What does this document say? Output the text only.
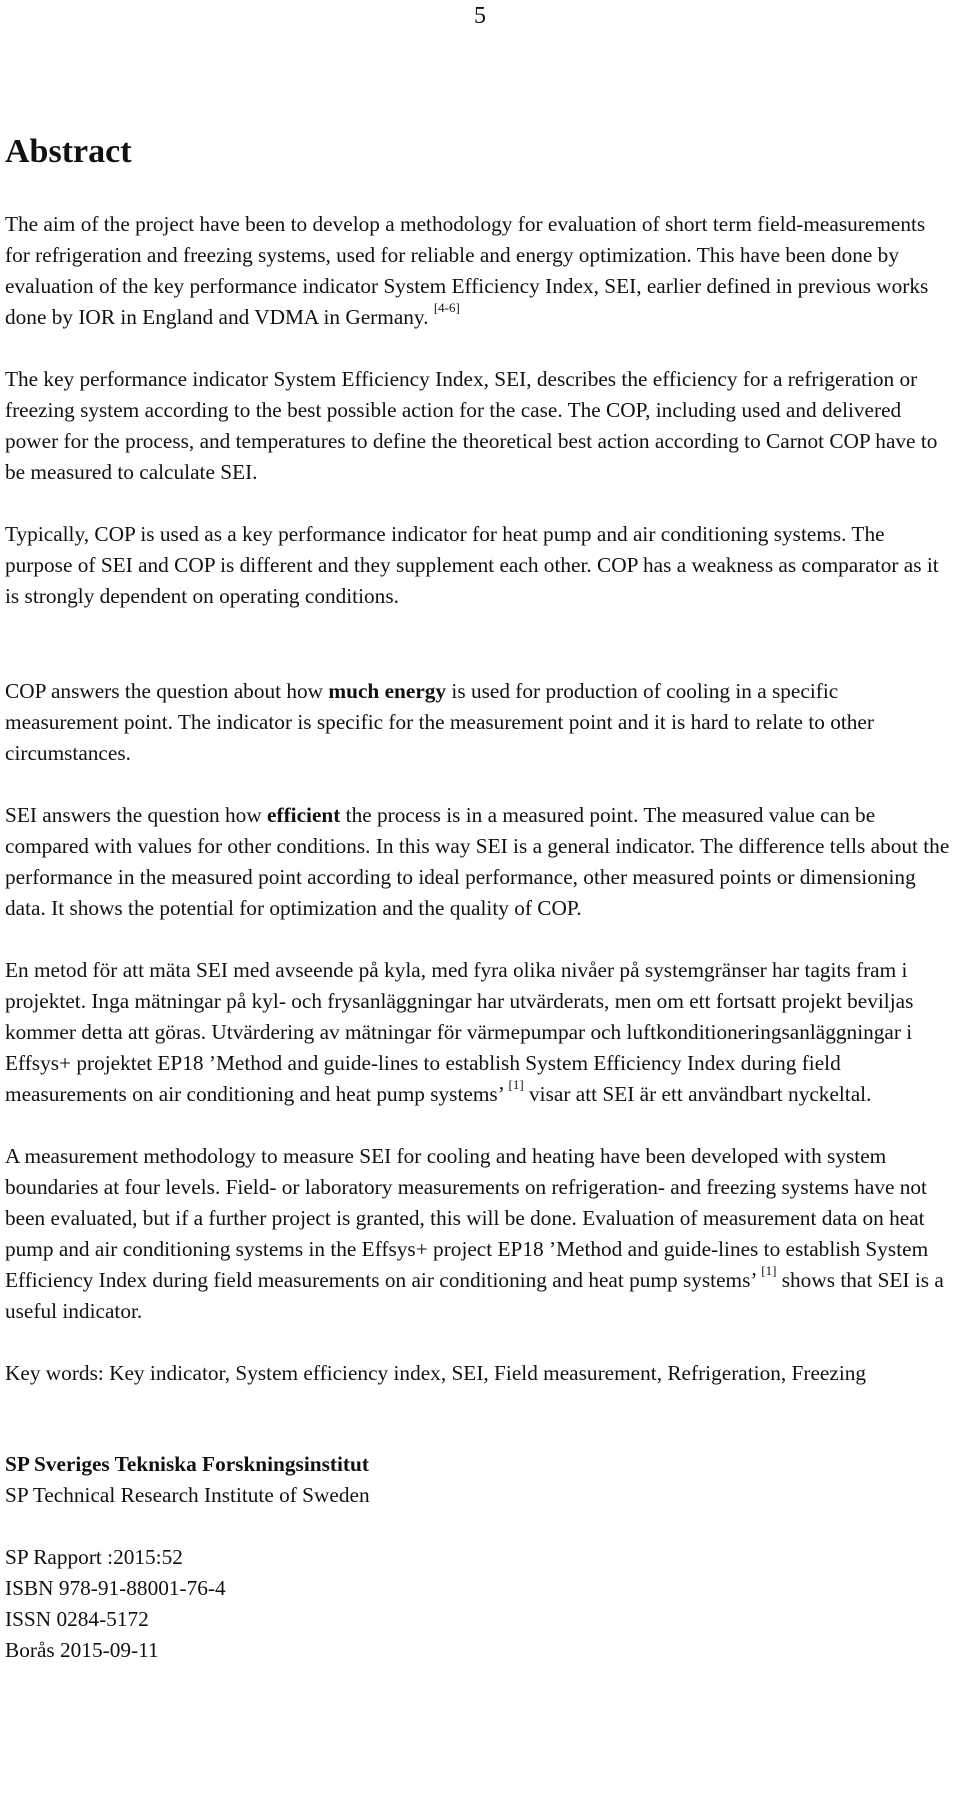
5
Abstract

The aim of the project have been to develop a methodology for evaluation of short term field-measurements for refrigeration and freezing systems, used for reliable and energy optimization. This have been done by evaluation of the key performance indicator System Efficiency Index, SEI, earlier defined in previous works done by IOR in England and VDMA in Germany. [4-6]

The key performance indicator System Efficiency Index, SEI, describes the efficiency for a refrigeration or freezing system according to the best possible action for the case. The COP, including used and delivered power for the process, and temperatures to define the theoretical best action according to Carnot COP have to be measured to calculate SEI.

Typically, COP is used as a key performance indicator for heat pump and air conditioning systems. The purpose of SEI and COP is different and they supplement each other. COP has a weakness as comparator as it is strongly dependent on operating conditions.

COP answers the question about how much energy is used for production of cooling in a specific measurement point. The indicator is specific for the measurement point and it is hard to relate to other circumstances.

SEI answers the question how efficient the process is in a measured point. The measured value can be compared with values for other conditions. In this way SEI is a general indicator. The difference tells about the performance in the measured point according to ideal performance, other measured points or dimensioning data. It shows the potential for optimization and the quality of COP.

En metod för att mäta SEI med avseende på kyla, med fyra olika nivåer på systemgränser har tagits fram i projektet. Inga mätningar på kyl- och frysanläggningar har utvärderats, men om ett fortsatt projekt beviljas kommer detta att göras. Utvärdering av mätningar för värmepumpar och luftkonditioneringsanläggningar i Effsys+ projektet EP18 ’Method and guide-lines to establish System Efficiency Index during field measurements on air conditioning and heat pump systems’ [1] visar att SEI är ett användbart nyckeltal.

A measurement methodology to measure SEI for cooling and heating have been developed with system boundaries at four levels. Field- or laboratory measurements on refrigeration- and freezing systems have not been evaluated, but if a further project is granted, this will be done. Evaluation of measurement data on heat pump and air conditioning systems in the Effsys+ project EP18 ’Method and guide-lines to establish System Efficiency Index during field measurements on air conditioning and heat pump systems’ [1] shows that SEI is a useful indicator.

Key words: Key indicator, System efficiency index, SEI, Field measurement, Refrigeration, Freezing

SP Sveriges Tekniska Forskningsinstitut
SP Technical Research Institute of Sweden
SP Rapport :2015:52
ISBN 978-91-88001-76-4
ISSN 0284-5172
Borås 2015-09-11
